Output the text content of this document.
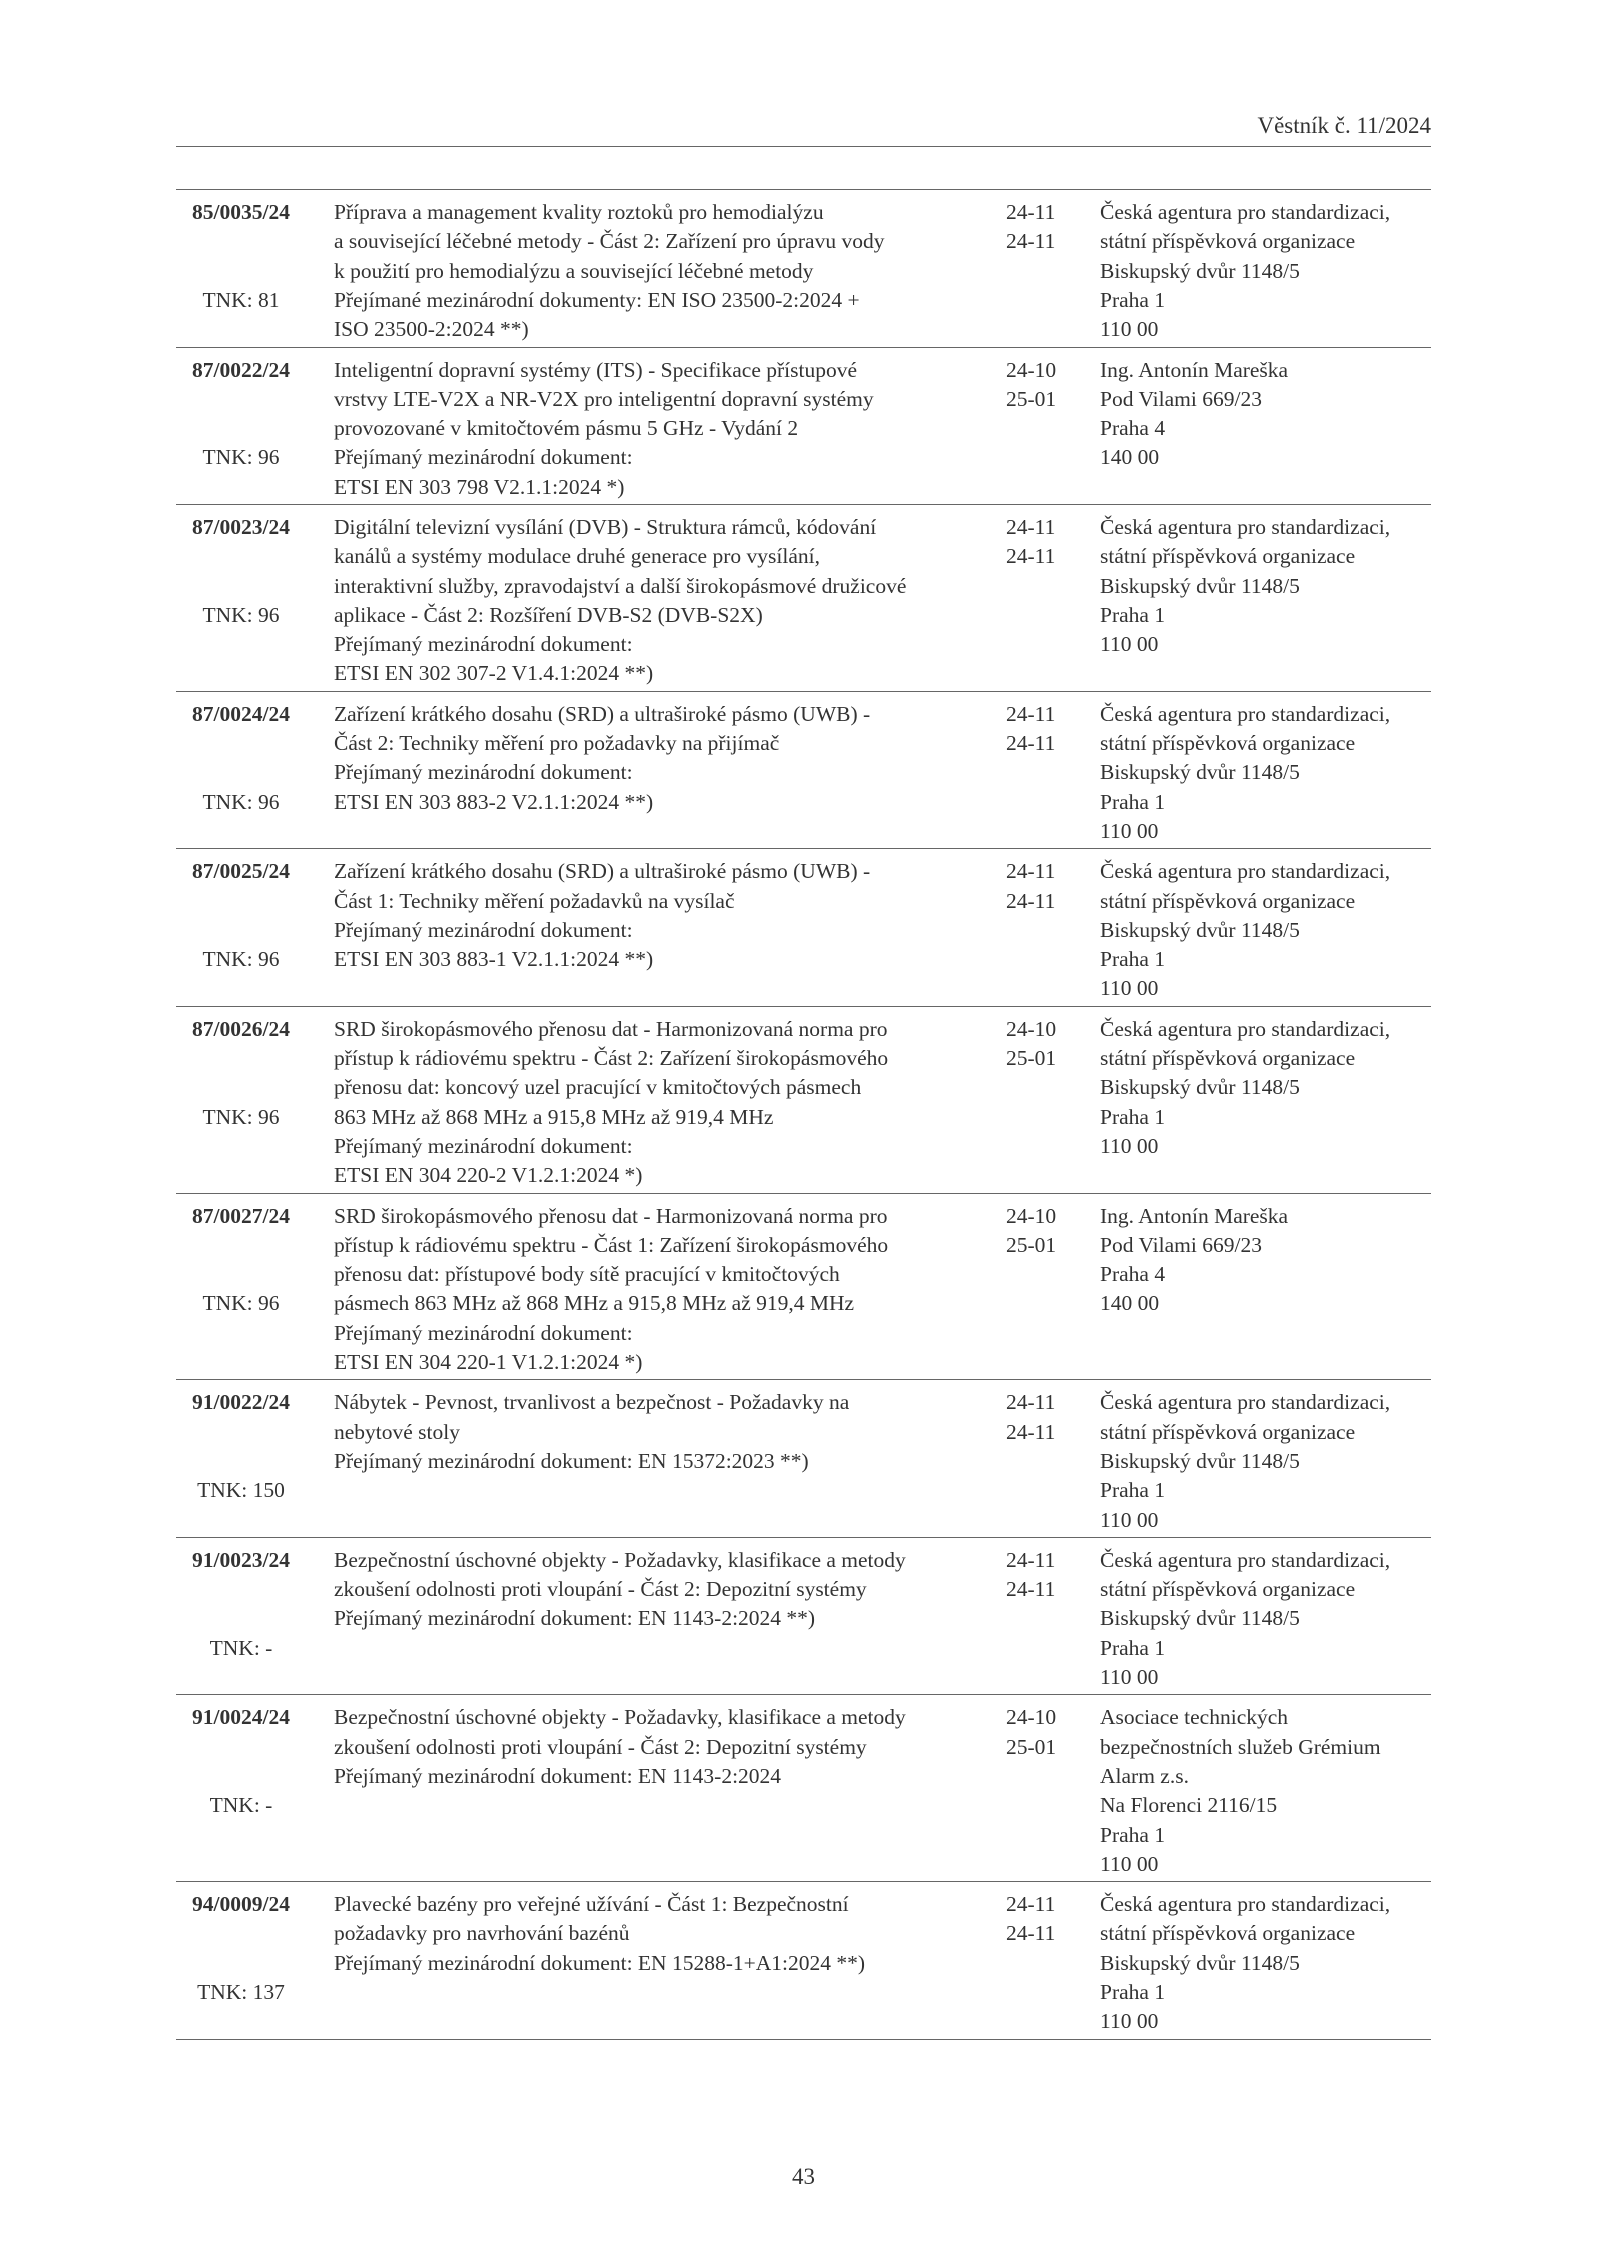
Věstník č. 11/2024
85/0035/24
TNK: 81
Příprava a management kvality roztoků pro hemodialýzu
a související léčebné metody - Část 2: Zařízení pro úpravu vody
k použití pro hemodialýzu a související léčebné metody
Přejímané mezinárodní dokumenty: EN ISO 23500-2:2024 +
ISO 23500-2:2024 **)
24-11
24-11
Česká agentura pro standardizaci,
státní příspěvková organizace
Biskupský dvůr 1148/5
Praha 1
110 00
87/0022/24
TNK: 96
Inteligentní dopravní systémy (ITS) - Specifikace přístupové
vrstvy LTE-V2X a NR-V2X pro inteligentní dopravní systémy
provozované v kmitočtovém pásmu 5 GHz - Vydání 2
Přejímaný mezinárodní dokument:
ETSI EN 303 798 V2.1.1:2024 *)
24-10
25-01
Ing. Antonín Mareška
Pod Vilami 669/23
Praha 4
140 00
87/0023/24
TNK: 96
Digitální televizní vysílání (DVB) - Struktura rámců, kódování
kanálů a systémy modulace druhé generace pro vysílání,
interaktivní služby, zpravodajství a další širokopásmové družicové
aplikace - Část 2: Rozšíření DVB-S2 (DVB-S2X)
Přejímaný mezinárodní dokument:
ETSI EN 302 307-2 V1.4.1:2024 **)
24-11
24-11
Česká agentura pro standardizaci,
státní příspěvková organizace
Biskupský dvůr 1148/5
Praha 1
110 00
87/0024/24
TNK: 96
Zařízení krátkého dosahu (SRD) a ultraširoké pásmo (UWB) -
Část 2: Techniky měření pro požadavky na přijímač
Přejímaný mezinárodní dokument:
ETSI EN 303 883-2 V2.1.1:2024 **)
24-11
24-11
Česká agentura pro standardizaci,
státní příspěvková organizace
Biskupský dvůr 1148/5
Praha 1
110 00
87/0025/24
TNK: 96
Zařízení krátkého dosahu (SRD) a ultraširoké pásmo (UWB) -
Část 1: Techniky měření požadavků na vysílač
Přejímaný mezinárodní dokument:
ETSI EN 303 883-1 V2.1.1:2024 **)
24-11
24-11
Česká agentura pro standardizaci,
státní příspěvková organizace
Biskupský dvůr 1148/5
Praha 1
110 00
87/0026/24
TNK: 96
SRD širokopásmového přenosu dat - Harmonizovaná norma pro
přístup k rádiovému spektru - Část 2: Zařízení širokopásmového
přenosu dat: koncový uzel pracující v kmitočtových pásmech
863 MHz až 868 MHz a 915,8 MHz až 919,4 MHz
Přejímaný mezinárodní dokument:
ETSI EN 304 220-2 V1.2.1:2024 *)
24-10
25-01
Česká agentura pro standardizaci,
státní příspěvková organizace
Biskupský dvůr 1148/5
Praha 1
110 00
87/0027/24
TNK: 96
SRD širokopásmového přenosu dat - Harmonizovaná norma pro
přístup k rádiovému spektru - Část 1: Zařízení širokopásmového
přenosu dat: přístupové body sítě pracující v kmitočtových
pásmech 863 MHz až 868 MHz a 915,8 MHz až 919,4 MHz
Přejímaný mezinárodní dokument:
ETSI EN 304 220-1 V1.2.1:2024 *)
24-10
25-01
Ing. Antonín Mareška
Pod Vilami 669/23
Praha 4
140 00
91/0022/24
TNK: 150
Nábytek - Pevnost, trvanlivost a bezpečnost - Požadavky na
nebytové stoly
Přejímaný mezinárodní dokument: EN 15372:2023 **)
24-11
24-11
Česká agentura pro standardizaci,
státní příspěvková organizace
Biskupský dvůr 1148/5
Praha 1
110 00
91/0023/24
TNK: -
Bezpečnostní úschovné objekty - Požadavky, klasifikace a metody
zkoušení odolnosti proti vloupání - Část 2: Depozitní systémy
Přejímaný mezinárodní dokument: EN 1143-2:2024 **)
24-11
24-11
Česká agentura pro standardizaci,
státní příspěvková organizace
Biskupský dvůr 1148/5
Praha 1
110 00
91/0024/24
TNK: -
Bezpečnostní úschovné objekty - Požadavky, klasifikace a metody
zkoušení odolnosti proti vloupání - Část 2: Depozitní systémy
Přejímaný mezinárodní dokument: EN 1143-2:2024
24-10
25-01
Asociace technických
bezpečnostních služeb Grémium
Alarm z.s.
Na Florenci 2116/15
Praha 1
110 00
94/0009/24
TNK: 137
Plavecké bazény pro veřejné užívání - Část 1: Bezpečnostní
požadavky pro navrhování bazénů
Přejímaný mezinárodní dokument: EN 15288-1+A1:2024 **)
24-11
24-11
Česká agentura pro standardizaci,
státní příspěvková organizace
Biskupský dvůr 1148/5
Praha 1
110 00
43
